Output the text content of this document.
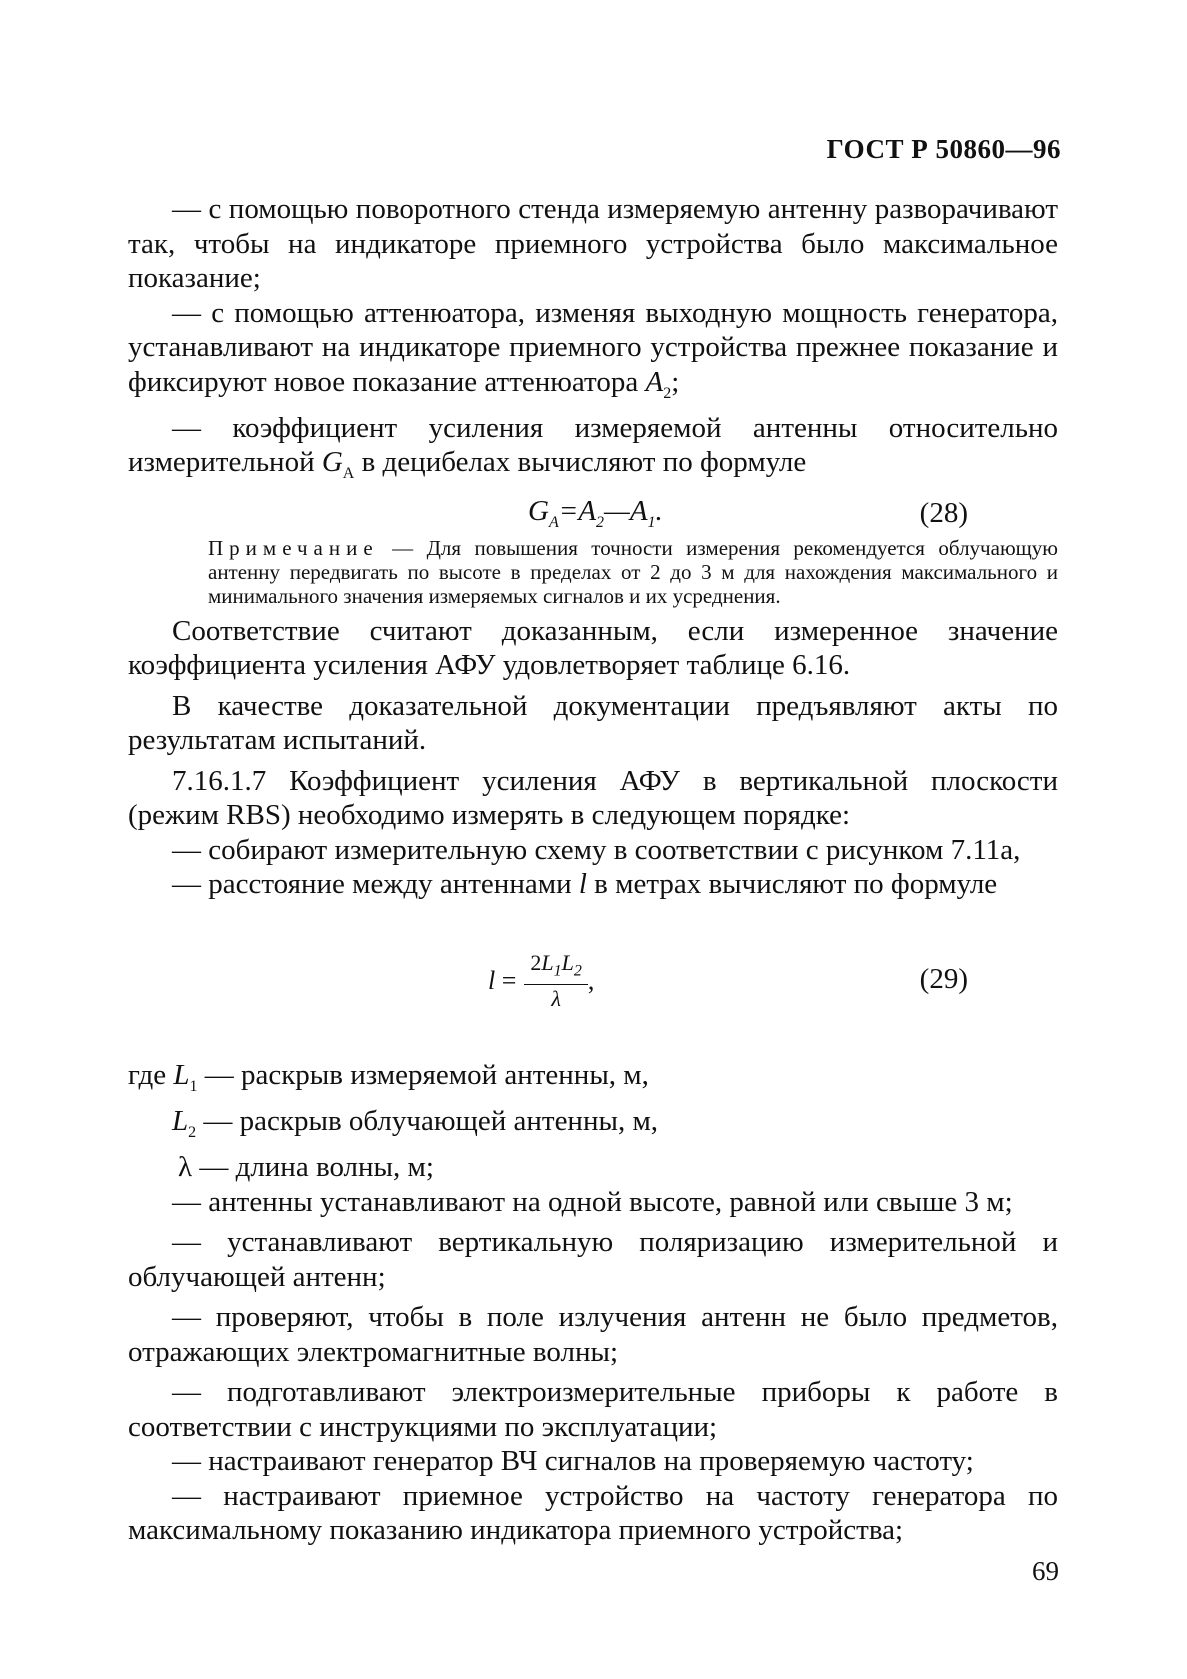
ГОСТ Р 50860—96

— с помощью поворотного стенда измеряемую антенну разворачивают так, чтобы на индикаторе приемного устройства было максимальное показание;

— с помощью аттенюатора, изменяя выходную мощность генератора, устанавливают на индикаторе приемного устройства прежнее показание и фиксируют новое показание аттенюатора $A_2$;

— коэффициент усиления измеряемой антенны относительно измерительной $G_A$ в децибелах вычисляют по формуле

$G_A=A_2—A_1$.	(28)

Примечание — Для повышения точности измерения рекомендуется облучающую антенну передвигать по высоте в пределах от 2 до 3 м для нахождения максимального и минимального значения измеряемых сигналов и их усреднения.

Соответствие считают доказанным, если измеренное значение коэффициента усиления АФУ удовлетворяет таблице 6.16.

В качестве доказательной документации предъявляют акты по результатам испытаний.

7.16.1.7 Коэффициент усиления АФУ в вертикальной плоскости (режим RBS) необходимо измерять в следующем порядке:

— собирают измерительную схему в соответствии с рисунком 7.11а,

— расстояние между антеннами l в метрах вычисляют по формуле

l
= $\frac{2L_1L_2}{\lambda}$ ,	(29)

где $L_1$ — раскрыв измеряемой антенны, м,

$L_2$ — раскрыв облучающей антенны, м,

λ — длина волны, м;

— антенны устанавливают на одной высоте, равной или свыше 3 м;

— устанавливают вертикальную поляризацию измерительной и облучающей антенн;

— проверяют, чтобы в поле излучения антенн не было предметов, отражающих электромагнитные волны;

— подготавливают электроизмерительные приборы к работе в соответствии с инструкциями по эксплуатации;

— настраивают генератор ВЧ сигналов на проверяемую частоту;

— настраивают приемное устройство на частоту генератора по максимальному показанию индикатора приемного устройства;

69
